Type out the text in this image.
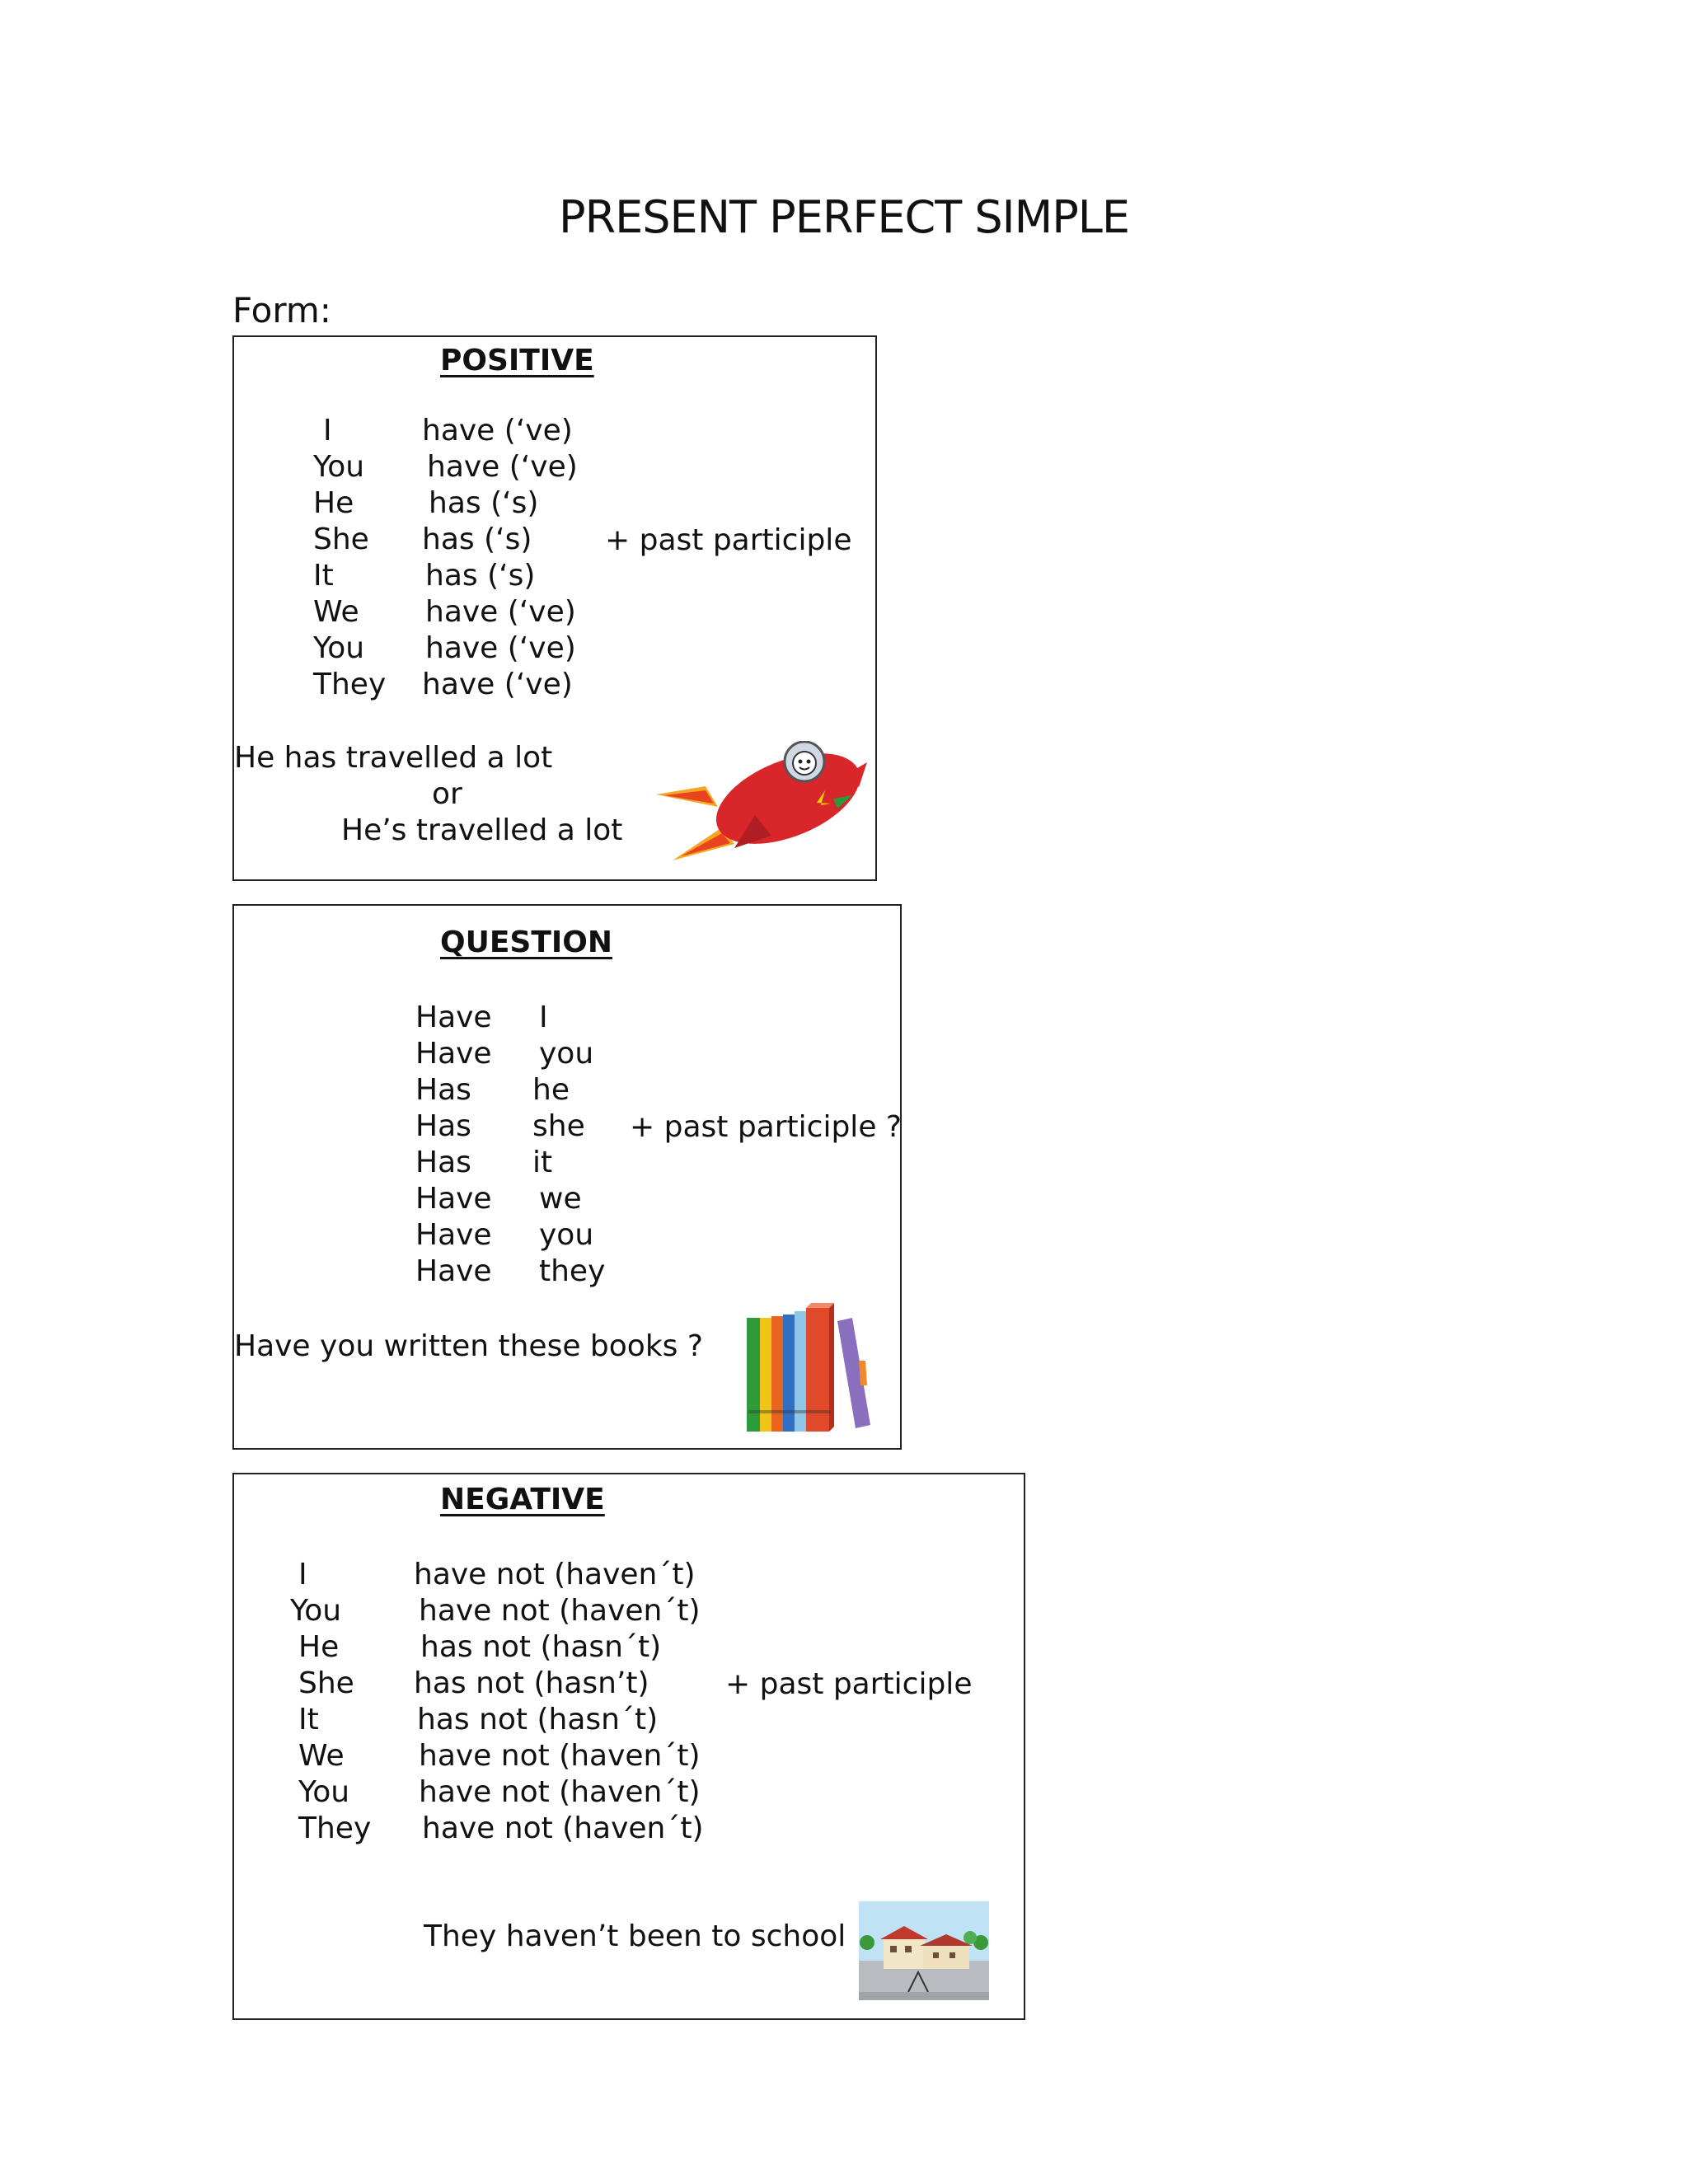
PRESENT PERFECT SIMPLE
Form:
POSITIVE
I	have (‘ve)
You have (‘ve)
He	has (‘s)
She has (‘s)
It	has (‘s)
We have (‘ve)
You have (‘ve)
They have (‘ve)
+ past participle
He has travelled a lot
or
He’s travelled a lot
QUESTION
Have I
Have you
Has he
Has she
Has it
Have we
Have you
Have they
+ past participle ?
Have you written these books ?
NEGATIVE
I	have not (haven´t)
You	have not (haven´t)
He	has not (hasn´t)
She has not (hasn’t)
It	has not (hasn´t)
We	have not (haven´t)
You have not (haven´t)
They have not (haven´t)
+ past participle
They haven’t been to school
